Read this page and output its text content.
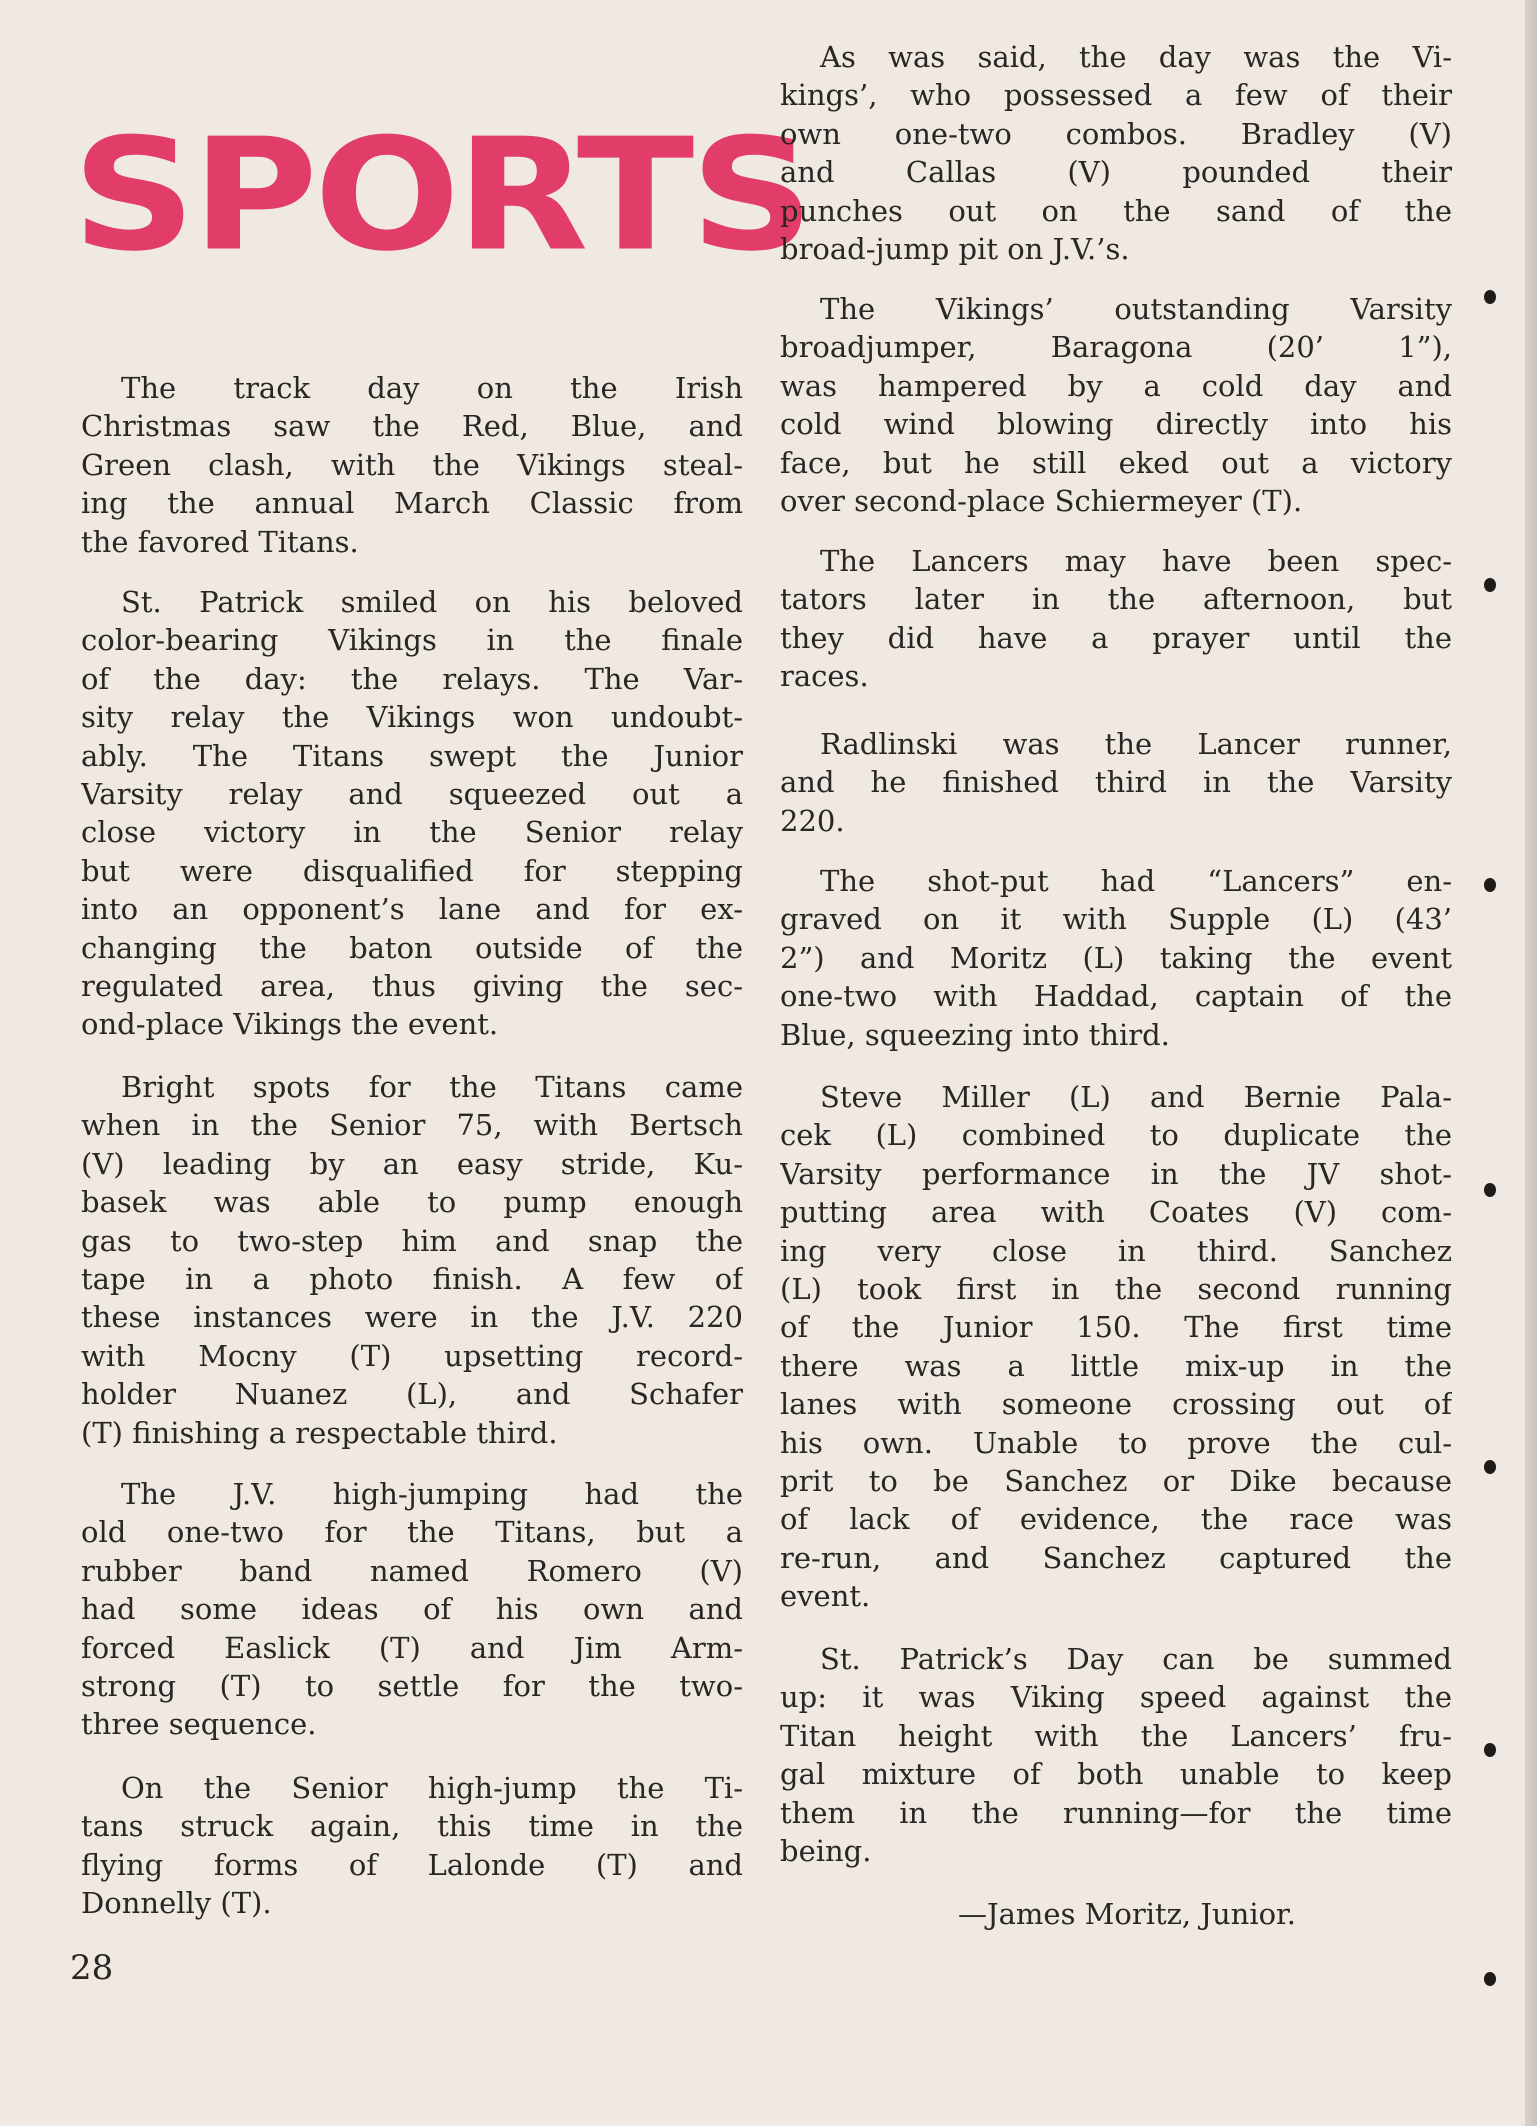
SPORTS
The track day on the Irish
Christmas saw the Red, Blue, and
Green clash, with the Vikings steal-
ing the annual March Classic from
the favored Titans.
St. Patrick smiled on his beloved
color-bearing Vikings in the finale
of the day: the relays. The Var-
sity relay the Vikings won undoubt-
ably. The Titans swept the Junior
Varsity relay and squeezed out a
close victory in the Senior relay
but were disqualified for stepping
into an opponent’s lane and for ex-
changing the baton outside of the
regulated area, thus giving the sec-
ond-place Vikings the event.
Bright spots for the Titans came
when in the Senior 75, with Bertsch
(V) leading by an easy stride, Ku-
basek was able to pump enough
gas to two-step him and snap the
tape in a photo finish. A few of
these instances were in the J.V. 220
with Mocny (T) upsetting record-
holder Nuanez (L), and Schafer
(T) finishing a respectable third.
The J.V. high-jumping had the
old one-two for the Titans, but a
rubber band named Romero (V)
had some ideas of his own and
forced Easlick (T) and Jim Arm-
strong (T) to settle for the two-
three sequence.
On the Senior high-jump the Ti-
tans struck again, this time in the
flying forms of Lalonde (T) and
Donnelly (T).
As was said, the day was the Vi-
kings’, who possessed a few of their
own one-two combos. Bradley (V)
and Callas (V) pounded their
punches out on the sand of the
broad-jump pit on J.V.’s.
The Vikings’ outstanding Varsity
broadjumper, Baragona (20’ 1”),
was hampered by a cold day and
cold wind blowing directly into his
face, but he still eked out a victory
over second-place Schiermeyer (T).
The Lancers may have been spec-
tators later in the afternoon, but
they did have a prayer until the
races.
Radlinski was the Lancer runner,
and he finished third in the Varsity
220.
The shot-put had “Lancers” en-
graved on it with Supple (L) (43’
2”) and Moritz (L) taking the event
one-two with Haddad, captain of the
Blue, squeezing into third.
Steve Miller (L) and Bernie Pala-
cek (L) combined to duplicate the
Varsity performance in the JV shot-
putting area with Coates (V) com-
ing very close in third. Sanchez
(L) took first in the second running
of the Junior 150. The first time
there was a little mix-up in the
lanes with someone crossing out of
his own. Unable to prove the cul-
prit to be Sanchez or Dike because
of lack of evidence, the race was
re-run, and Sanchez captured the
event.
St. Patrick’s Day can be summed
up: it was Viking speed against the
Titan height with the Lancers’ fru-
gal mixture of both unable to keep
them in the running—for the time
being.
—James Moritz, Junior.
28
